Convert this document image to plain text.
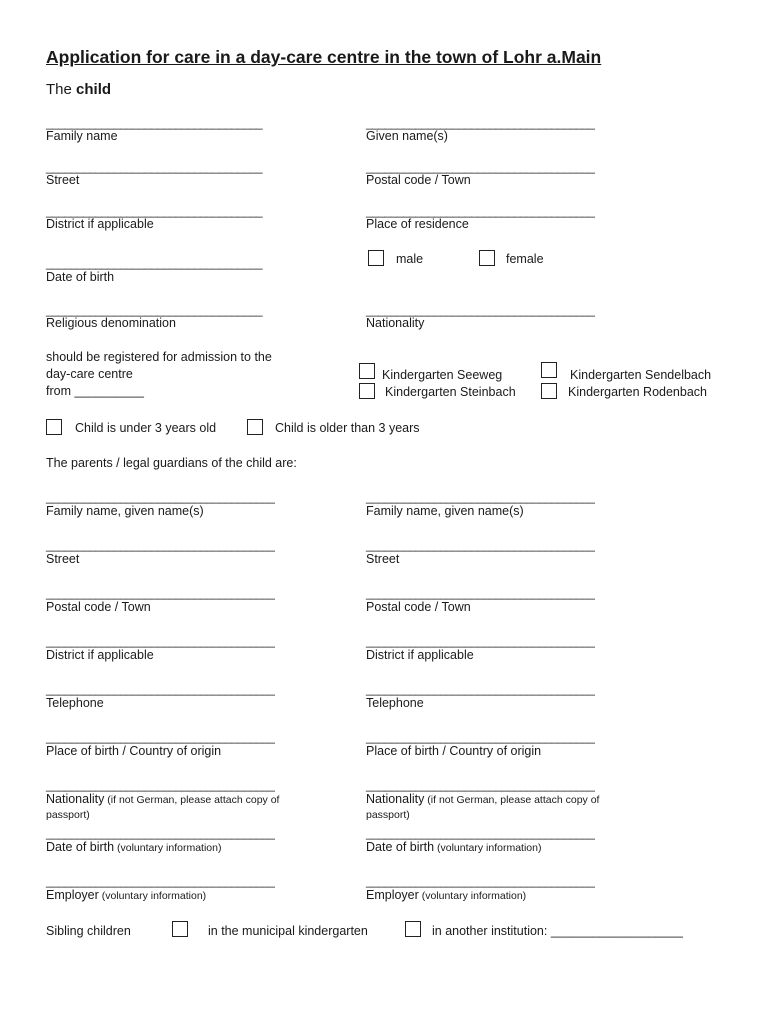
Application for care in a day-care centre in the town of Lohr a.Main
The child
___________________________________
Family name
_____________________________________
Given name(s)
___________________________________
Street
_____________________________________
Postal code / Town
___________________________________
District if applicable
_____________________________________
Place of residence
___________________________________
Date of birth
male	female
___________________________________
Religious denomination
_____________________________________
Nationality
should be registered for admission to the
day-care centre
from __________
Kindergarten Seeweg	Kindergarten Sendelbach
Kindergarten Steinbach	Kindergarten Rodenbach
Child is under 3 years old	Child is older than 3 years
The parents / legal guardians of the child are:
_____________________________________
Family name, given name(s)
_____________________________________
Family name, given name(s)
_____________________________________
Street
_____________________________________
Street
_____________________________________
Postal code / Town
_____________________________________
Postal code / Town
_____________________________________
District if applicable
_____________________________________
District if applicable
_____________________________________
Telephone
_____________________________________
Telephone
_____________________________________
Place of birth / Country of origin
_____________________________________
Place of birth / Country of origin
_____________________________________
Nationality (if not German, please attach copy of
passport)
_____________________________________
Nationality (if not German, please attach copy of
passport)
_____________________________________
Date of birth (voluntary information)
_____________________________________
Date of birth (voluntary information)
_____________________________________
Employer (voluntary information)
_____________________________________
Employer (voluntary information)
Sibling children	in the municipal kindergarten	in another institution: ___________________
